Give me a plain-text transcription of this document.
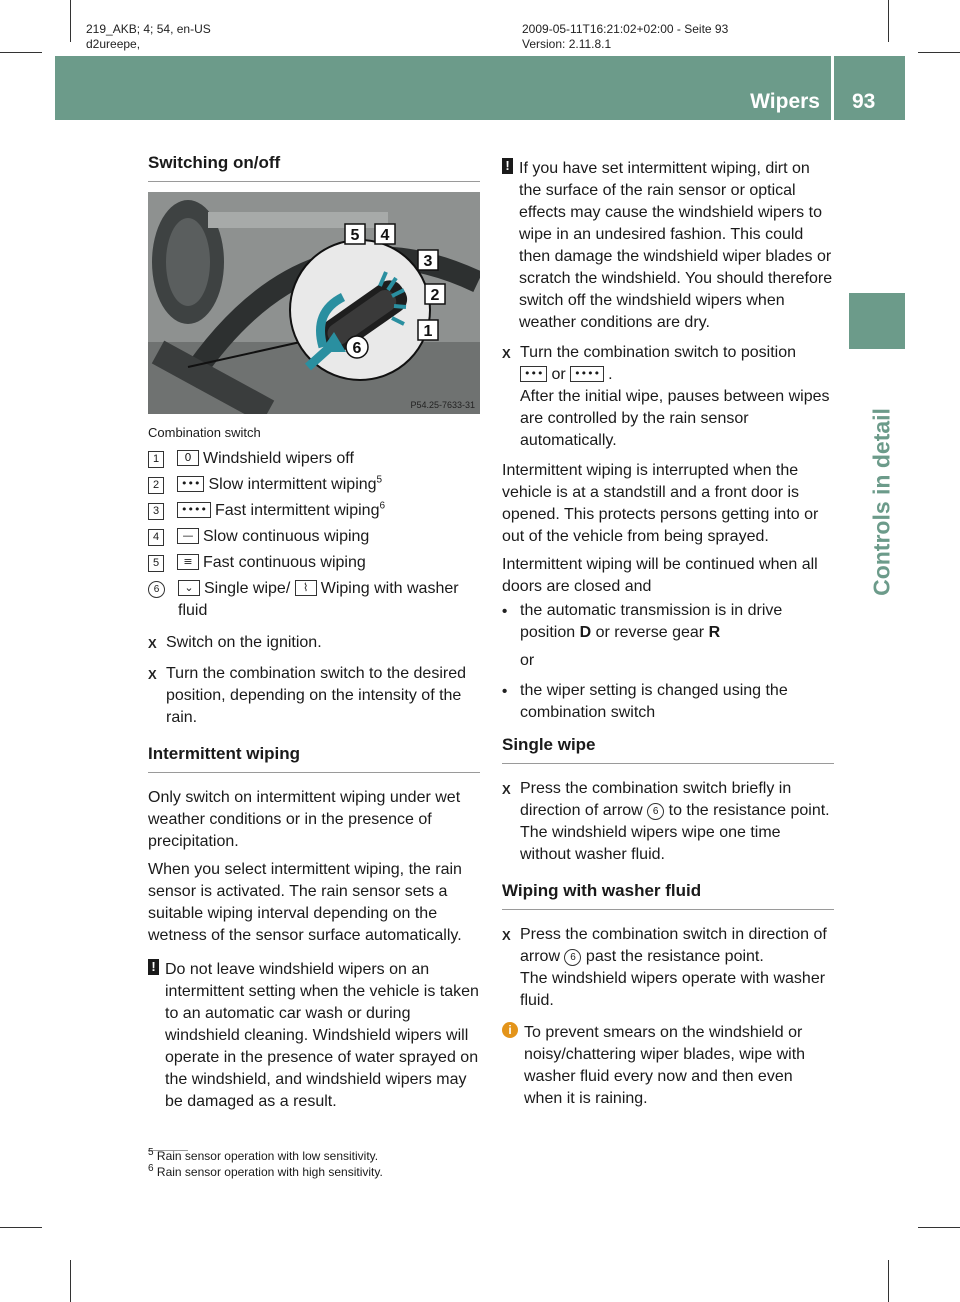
219_AKB; 4; 54, en-US
d2ureepe,
2009-05-11T16:21:02+02:00 - Seite 93
Version: 2.11.8.1
Wipers 93
Controls in detail
Switching on/off
5 4
3
2
1
6
P54.25-7633-31
Combination switch
1 0 Windshield wipers off
2 ••• Slow intermittent wiping$^5$
3 •••• Fast intermittent wiping$^6$
4 — Slow continuous wiping
5 ≡ Fast continuous wiping
6	⌄ Single wipe/ ⌇ Wiping with washer fluid
X Switch on the ignition.
X Turn the combination switch to the desired position, depending on the intensity of the rain.
Intermittent wiping

Only switch on intermittent wiping under wet weather conditions or in the presence of precipitation.

When you select intermittent wiping, the rain sensor is activated. The rain sensor sets a suitable wiping interval depending on the wetness of the sensor surface automatically.

! Do not leave windshield wipers on an intermittent setting when the vehicle is taken to an automatic car wash or during windshield cleaning. Windshield wipers will operate in the presence of water sprayed on the windshield, and windshield wipers may be damaged as a result.
$^5$ Rain sensor operation with low sensitivity.
$^6$ Rain sensor operation with high sensitivity.
! If you have set intermittent wiping, dirt on the surface of the rain sensor or optical effects may cause the windshield wipers to wipe in an undesired fashion. This could then damage the windshield wiper blades or scratch the windshield. You should therefore switch off the windshield wipers when weather conditions are dry.
X Turn the combination switch to position
••• or •••• .
After the initial wipe, pauses between wipes are controlled by the rain sensor automatically.

Intermittent wiping is interrupted when the vehicle is at a standstill and a front door is opened. This protects persons getting into or out of the vehicle from being sprayed.

Intermittent wiping will be continued when all doors are closed and

• the automatic transmission is in drive position D or reverse gear R
or
• the wiper setting is changed using the combination switch
Single wipe
X Press the combination switch briefly in direction of arrow 6 to the resistance point.
The windshield wipers wipe one time without washer fluid.
Wiping with washer fluid
X Press the combination switch in direction of arrow 6 past the resistance point.
The windshield wipers operate with washer fluid.
i To prevent smears on the windshield or noisy/chattering wiper blades, wipe with washer fluid every now and then even when it is raining.
